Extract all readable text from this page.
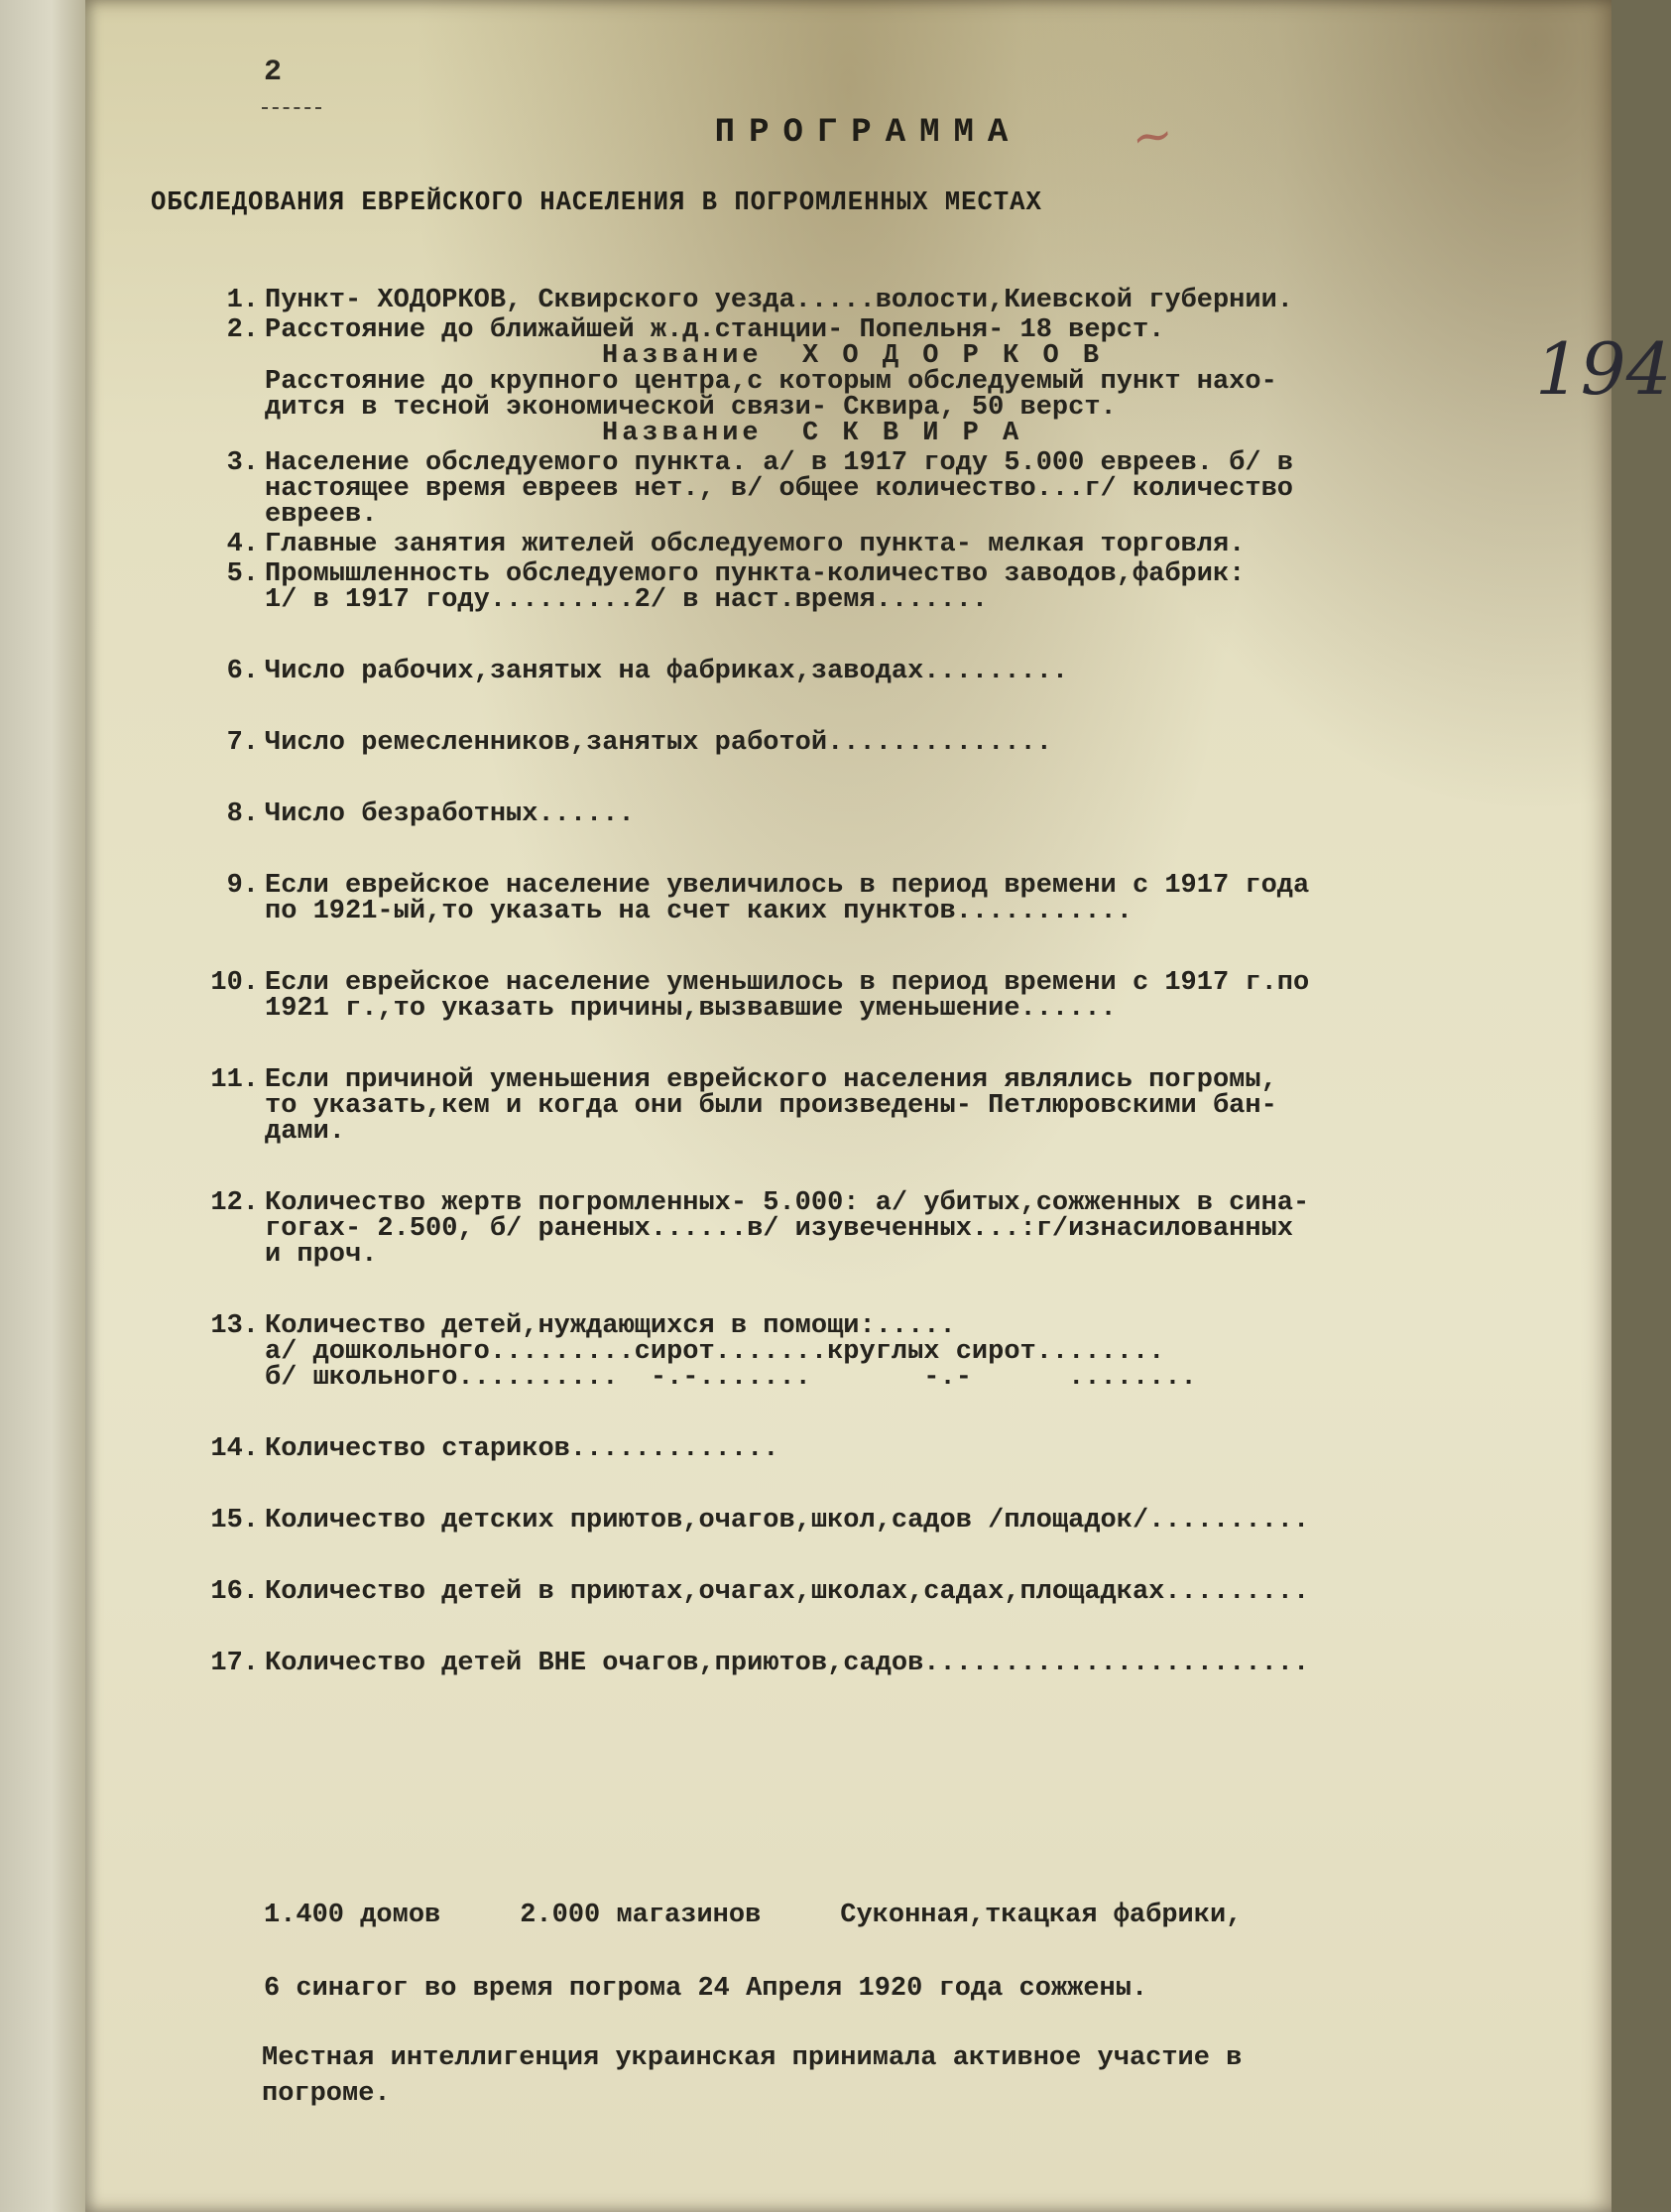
2
~
ПРОГРАММА
ОБСЛЕДОВАНИЯ ЕВРЕЙСКОГО НАСЕЛЕНИЯ В ПОГРОМЛЕННЫХ МЕСТАХ
194
1. Пункт- ХОДОРКОВ, Сквирского уезда.....волости,Киевской губернии.
2. Расстояние до ближайшей ж.д.станции- Попельня- 18 верст.
Название  Х О Д О Р К О В
Расстояние до крупного центра,с которым обследуемый пункт нахо-
дится в тесной экономической связи- Сквира, 50 верст.
Название  С К В И Р А
3. Население обследуемого пункта. а/ в 1917 году 5.000 евреев. б/ в
настоящее время евреев нет., в/ общее количество...г/ количество
евреев.
4. Главные занятия жителей обследуемого пункта- мелкая торговля.
5. Промышленность обследуемого пункта-количество заводов,фабрик:
1/ в 1917 году.........2/ в наст.время.......
6. Число рабочих,занятых на фабриках,заводах.........
7. Число ремесленников,занятых работой..............
8. Число безработных......
9. Если еврейское население увеличилось в период времени с 1917 года
по 1921-ый,то указать на счет каких пунктов...........
10. Если еврейское население уменьшилось в период времени с 1917 г.по
1921 г.,то указать причины,вызвавшие уменьшение......
11. Если причиной уменьшения еврейского населения являлись погромы,
то указать,кем и когда они были произведены- Петлюровскими бан-
дами.
12. Количество жертв погромленных- 5.000: а/ убитых,сожженных в сина-
гогах- 2.500, б/ раненых......в/ изувеченных...:г/изнасилованных
и проч.
13. Количество детей,нуждающихся в помощи:.....
а/ дошкольного.........сирот.......круглых сирот........
б/ школьного..........  -.-.......       -.-      ........
14. Количество стариков.............
15. Количество детских приютов,очагов,школ,садов /площадок/..........
16. Количество детей в приютах,очагах,школах,садах,площадках.........
17. Количество детей ВНЕ очагов,приютов,садов........................
1.400 домов	2.000 магазинов	Суконная,ткацкая фабрики,
6 синагог во время погрома 24 Апреля 1920 года сожжены.
Местная интеллигенция украинская принимала активное участие в
погроме.
